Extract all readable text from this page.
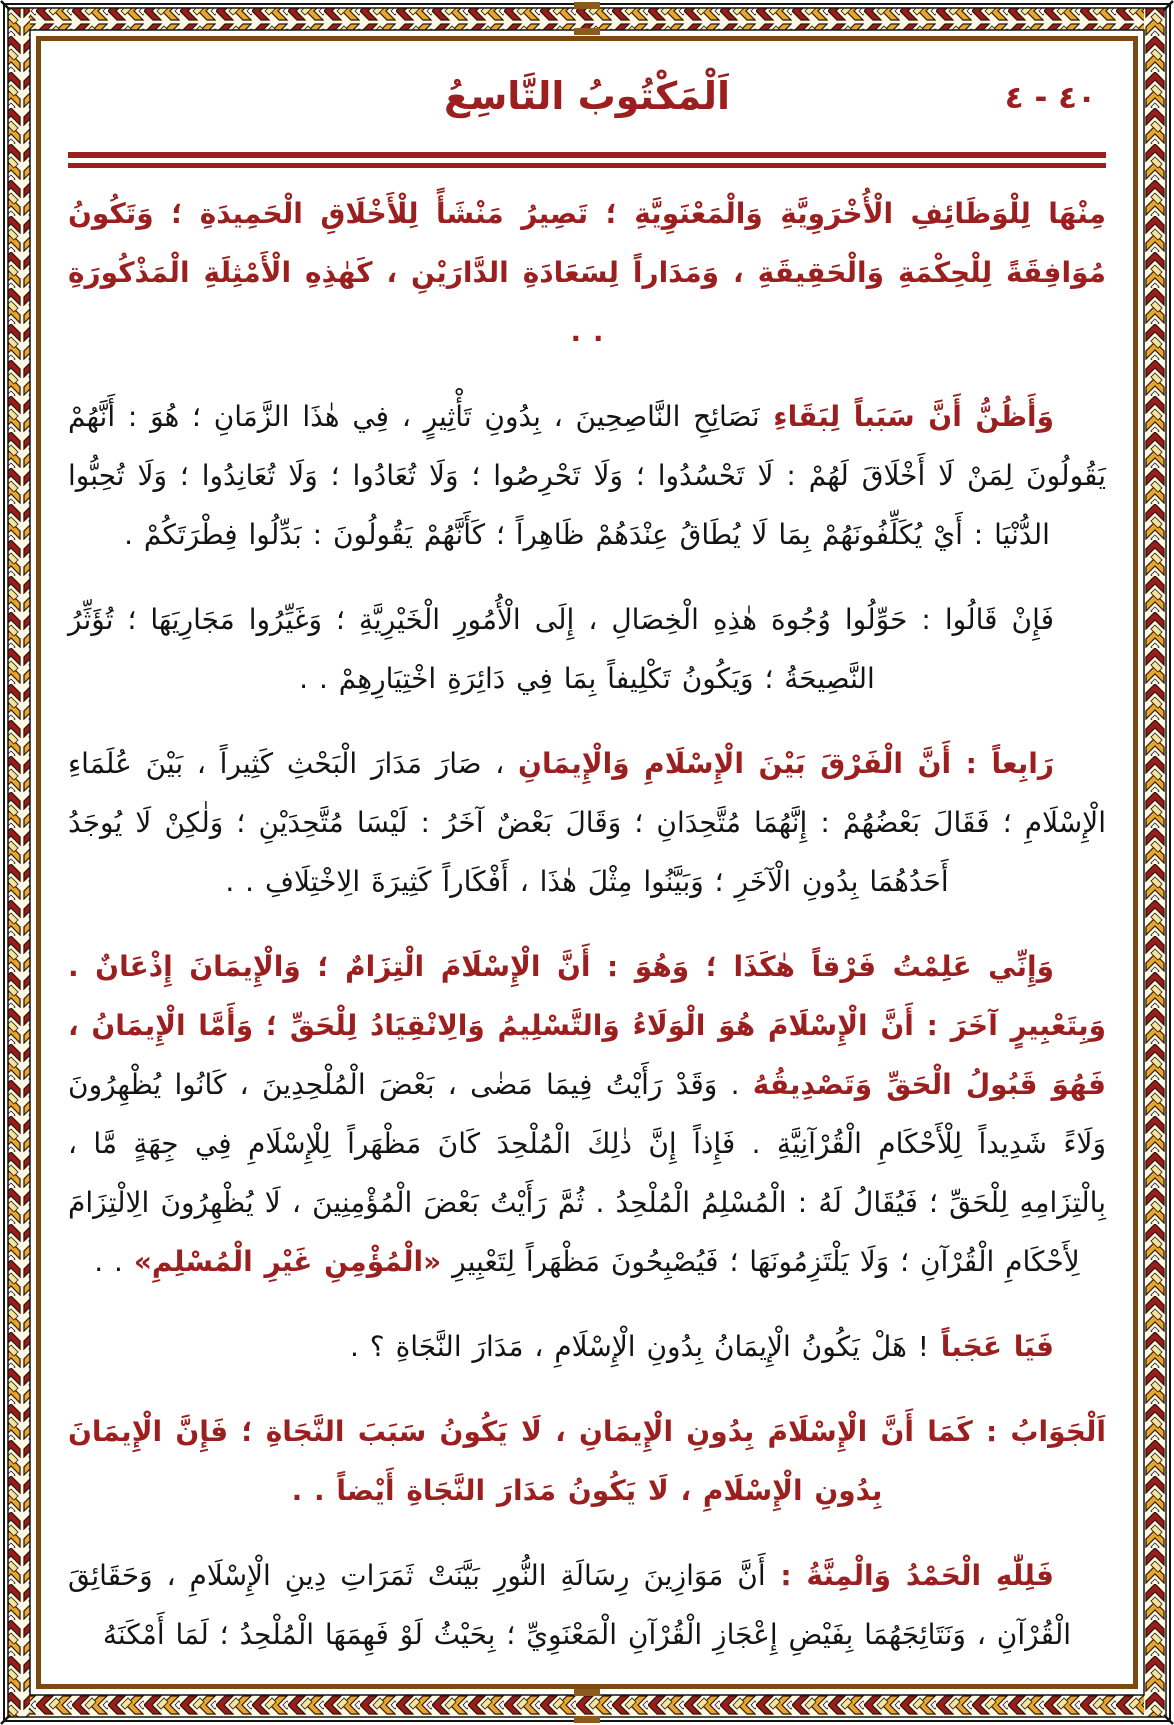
اَلْمَكْتُوبُ التَّاسِعُ	٤٠ - ٤

مِنْهَا لِلْوَظَائِفِ الْأُخْرَوِيَّةِ وَالْمَعْنَوِيَّةِ ؛ تَصِيرُ مَنْشَأً لِلْأَخْلَاقِ الْحَمِيدَةِ ؛ وَتَكُونُ مُوَافِقَةً لِلْحِكْمَةِ وَالْحَقِيقَةِ ، وَمَدَاراً لِسَعَادَةِ الدَّارَيْنِ ، كَهٰذِهِ الْأَمْثِلَةِ الْمَذْكُورَةِ . .

وَأَظُنُّ أَنَّ سَبَباً لِبَقَاءِ نَصَائِحِ النَّاصِحِينَ ، بِدُونِ تَأْثِيرٍ ، فِي هٰذَا الزَّمَانِ ؛ هُوَ : أَنَّهُمْ يَقُولُونَ لِمَنْ لَا أَخْلَاقَ لَهُمْ : لَا تَحْسُدُوا ؛ وَلَا تَحْرِصُوا ؛ وَلَا تُعَادُوا ؛ وَلَا تُعَانِدُوا ؛ وَلَا تُحِبُّوا الدُّنْيَا : أَيْ يُكَلِّفُونَهُمْ بِمَا لَا يُطَاقُ عِنْدَهُمْ ظَاهِراً ؛ كَأَنَّهُمْ يَقُولُونَ : بَدِّلُوا فِطْرَتَكُمْ .

فَإِنْ قَالُوا : حَوِّلُوا وُجُوهَ هٰذِهِ الْخِصَالِ ، إِلَى الْأُمُورِ الْخَيْرِيَّةِ ؛ وَغَيِّرُوا مَجَارِيَهَا ؛ تُؤَثِّرُ النَّصِيحَةُ ؛ وَيَكُونُ تَكْلِيفاً بِمَا فِي دَائِرَةِ اخْتِيَارِهِمْ . .

رَابِعاً : أَنَّ الْفَرْقَ بَيْنَ الْإِسْلَامِ وَالْإِيمَانِ ، صَارَ مَدَارَ الْبَحْثِ كَثِيراً ، بَيْنَ عُلَمَاءِ الْإِسْلَامِ ؛ فَقَالَ بَعْضُهُمْ : إِنَّهُمَا مُتَّحِدَانِ ؛ وَقَالَ بَعْضٌ آخَرُ : لَيْسَا مُتَّحِدَيْنِ ؛ وَلٰكِنْ لَا يُوجَدُ أَحَدُهُمَا بِدُونِ الْآخَرِ ؛ وَبَيَّنُوا مِثْلَ هٰذَا ، أَفْكَاراً كَثِيرَةَ الِاخْتِلَافِ . .

وَإِنِّي عَلِمْتُ فَرْقاً هٰكَذَا ؛ وَهُوَ : أَنَّ الْإِسْلَامَ الْتِزَامٌ ؛ وَالْإِيمَانَ إِذْعَانٌ . وَبِتَعْبِيرٍ آخَرَ : أَنَّ الْإِسْلَامَ هُوَ الْوَلَاءُ وَالتَّسْلِيمُ وَالِانْقِيَادُ لِلْحَقِّ ؛ وَأَمَّا الْإِيمَانُ ، فَهُوَ قَبُولُ الْحَقِّ وَتَصْدِيقُهُ . وَقَدْ رَأَيْتُ فِيمَا مَضٰى ، بَعْضَ الْمُلْحِدِينَ ، كَانُوا يُظْهِرُونَ وَلَاءً شَدِيداً لِلْأَحْكَامِ الْقُرْآنِيَّةِ . فَإِذاً إِنَّ ذٰلِكَ الْمُلْحِدَ كَانَ مَظْهَراً لِلْإِسْلَامِ فِي جِهَةٍ مَّا ، بِالْتِزَامِهِ لِلْحَقِّ ؛ فَيُقَالُ لَهُ : الْمُسْلِمُ الْمُلْحِدُ . ثُمَّ رَأَيْتُ بَعْضَ الْمُؤْمِنِينَ ، لَا يُظْهِرُونَ الِالْتِزَامَ لِأَحْكَامِ الْقُرْآنِ ؛ وَلَا يَلْتَزِمُونَهَا ؛ فَيُصْبِحُونَ مَظْهَراً لِتَعْبِيرِ «الْمُؤْمِنِ غَيْرِ الْمُسْلِمِ» . .

فَيَا عَجَباً ! هَلْ يَكُونُ الْإِيمَانُ بِدُونِ الْإِسْلَامِ ، مَدَارَ النَّجَاةِ ؟ .

اَلْجَوَابُ : كَمَا أَنَّ الْإِسْلَامَ بِدُونِ الْإِيمَانِ ، لَا يَكُونُ سَبَبَ النَّجَاةِ ؛ فَإِنَّ الْإِيمَانَ بِدُونِ الْإِسْلَامِ ، لَا يَكُونُ مَدَارَ النَّجَاةِ أَيْضاً . .

فَلِلّٰهِ الْحَمْدُ وَالْمِنَّةُ : أَنَّ مَوَازِينَ رِسَالَةِ النُّورِ بَيَّنَتْ ثَمَرَاتِ دِينِ الْإِسْلَامِ ، وَحَقَائِقَ الْقُرْآنِ ، وَنَتَائِجَهُمَا بِفَيْضِ إِعْجَازِ الْقُرْآنِ الْمَعْنَوِيِّ ؛ بِحَيْثُ لَوْ فَهِمَهَا الْمُلْحِدُ ؛ لَمَا أَمْكَنَهُ
